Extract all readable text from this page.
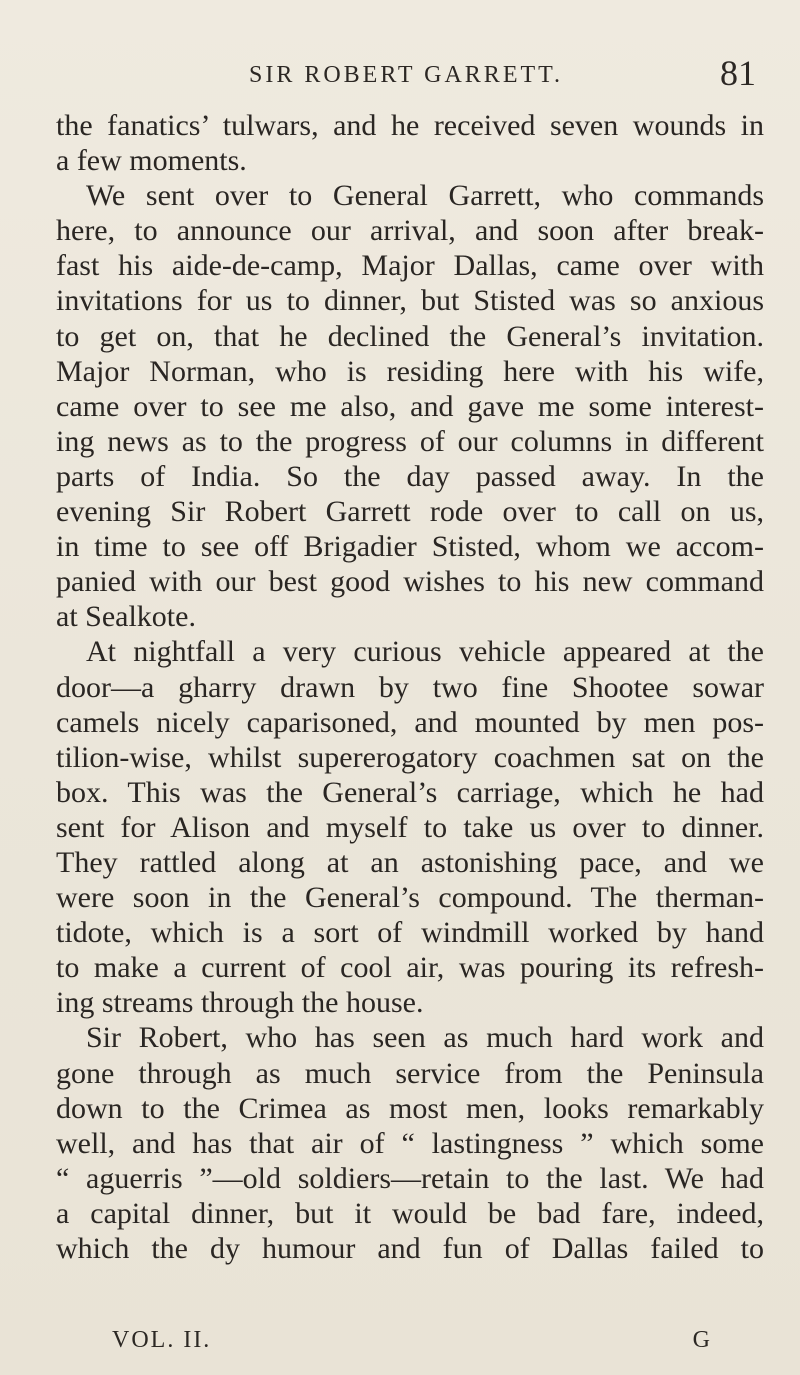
SIR ROBERT GARRETT.	81
the fanatics’ tulwars, and he received seven wounds in
a few moments.
We sent over to General Garrett, who commands
here, to announce our arrival, and soon after break-
fast his aide-de-camp, Major Dallas, came over with
invitations for us to dinner, but Stisted was so anxious
to get on, that he declined the General’s invitation.
Major Norman, who is residing here with his wife,
came over to see me also, and gave me some interest-
ing news as to the progress of our columns in different
parts of India. So the day passed away. In the
evening Sir Robert Garrett rode over to call on us,
in time to see off Brigadier Stisted, whom we accom-
panied with our best good wishes to his new command
at Sealkote.
At nightfall a very curious vehicle appeared at the
door—a gharry drawn by two fine Shootee sowar
camels nicely caparisoned, and mounted by men pos-
tilion-wise, whilst supererogatory coachmen sat on the
box. This was the General’s carriage, which he had
sent for Alison and myself to take us over to dinner.
They rattled along at an astonishing pace, and we
were soon in the General’s compound. The therman-
tidote, which is a sort of windmill worked by hand
to make a current of cool air, was pouring its refresh-
ing streams through the house.
Sir Robert, who has seen as much hard work and
gone through as much service from the Peninsula
down to the Crimea as most men, looks remarkably
well, and has that air of “ lastingness ” which some
“ aguerris ”—old soldiers—retain to the last. We had
a capital dinner, but it would be bad fare, indeed,
which the dy humour and fun of Dallas failed to
VOL. II.	G
